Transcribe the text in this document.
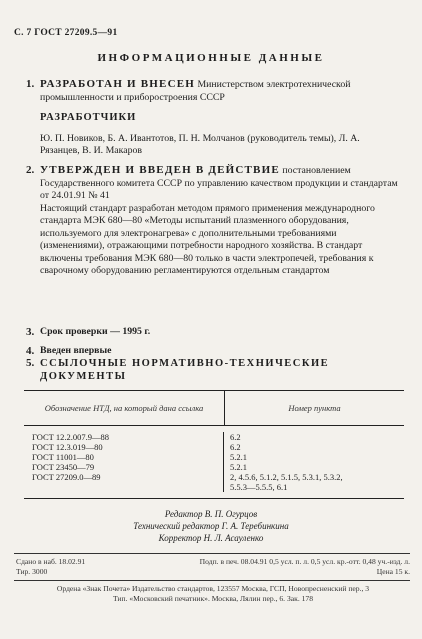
С. 7 ГОСТ 27209.5—91
ИНФОРМАЦИОННЫЕ ДАННЫЕ
1. РАЗРАБОТАН И ВНЕСЕН Министерством электротехнической промышленности и приборостроения СССР
РАЗРАБОТЧИКИ
Ю. П. Новиков, Б. А. Ивантотов, П. Н. Молчанов (руководитель темы), Л. А. Рязанцев, В. И. Макаров
2. УТВЕРЖДЕН И ВВЕДЕН В ДЕЙСТВИЕ постановлением Государственного комитета СССР по управлению качеством продукции и стандартам от 24.01.91 № 41
Настоящий стандарт разработан методом прямого применения международного стандарта МЭК 680—80 «Методы испытаний плазменного оборудования, используемого для электронагрева» с дополнительными требованиями (изменениями), отражающими потребности народного хозяйства. В стандарт включены требования МЭК 680—80 только в части электропечей, требования к сварочному оборудованию регламентируются отдельным стандартом
3. Срок проверки — 1995 г.
4. Введен впервые
5. ССЫЛОЧНЫЕ НОРМАТИВНО-ТЕХНИЧЕСКИЕ ДОКУМЕНТЫ
Обозначение НТД, на который дана ссылка	Номер пункта
ГОСТ 12.2.007.9—88	6.2
ГОСТ 12.3.019—80	6.2
ГОСТ 11001—80	5.2.1
ГОСТ 23450—79	5.2.1
ГОСТ 27209.0—89	2, 4.5.6, 5.1.2, 5.1.5, 5.3.1, 5.3.2,

5.5.3—5.5.5, 6.1
Редактор В. П. Огурцов
Технический редактор Г. А. Теребинкина
Корректор Н. Л. Асауленко
Сдано в наб. 18.02.91	Подп. в печ. 08.04.91 0,5 усл. п. л. 0,5 усл. кр.-отт. 0,48 уч.-изд. л.
Тир. 3000	Цена 15 к.
Ордена «Знак Почета» Издательство стандартов, 123557 Москва, ГСП, Новопресненский пер., 3
Тип. «Московский печатник». Москва, Лялин пер., 6. Зак. 178
